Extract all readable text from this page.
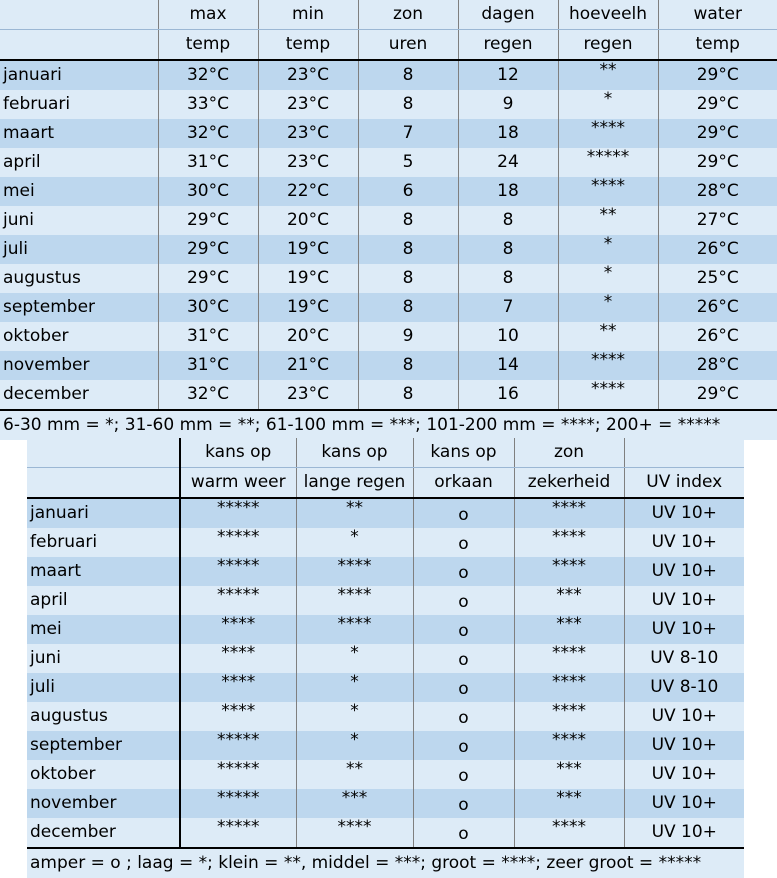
	max	min	zon	dagen	hoeveelh	water
	temp	temp	uren	regen	regen	temp
januari	32°C	23°C	8	12	**	29°C
februari	33°C	23°C	8	9	*	29°C
maart	32°C	23°C	7	18	****	29°C
april	31°C	23°C	5	24	*****	29°C
mei	30°C	22°C	6	18	****	28°C
juni	29°C	20°C	8	8	**	27°C
juli	29°C	19°C	8	8	*	26°C
augustus	29°C	19°C	8	8	*	25°C
september	30°C	19°C	8	7	*	26°C
oktober	31°C	20°C	9	10	**	26°C
november	31°C	21°C	8	14	****	28°C
december	32°C	23°C	8	16	****	29°C
6-30 mm = *; 31-60 mm = **; 61-100 mm = ***; 101-200 mm = ****; 200+ = *****						
	kans op	kans op	kans op	zon	
	warm weer	lange regen	orkaan	zekerheid	UV index
januari	*****	**	o	****	UV 10+
februari	*****	*	o	****	UV 10+
maart	*****	****	o	****	UV 10+
april	*****	****	o	***	UV 10+
mei	****	****	o	***	UV 10+
juni	****	*	o	****	UV 8-10
juli	****	*	o	****	UV 8-10
augustus	****	*	o	****	UV 10+
september	*****	*	o	****	UV 10+
oktober	*****	**	o	***	UV 10+
november	*****	***	o	***	UV 10+
december	*****	****	o	****	UV 10+
amper = o ; laag = *; klein = **, middel = ***; groot = ****; zeer groot = *****					
